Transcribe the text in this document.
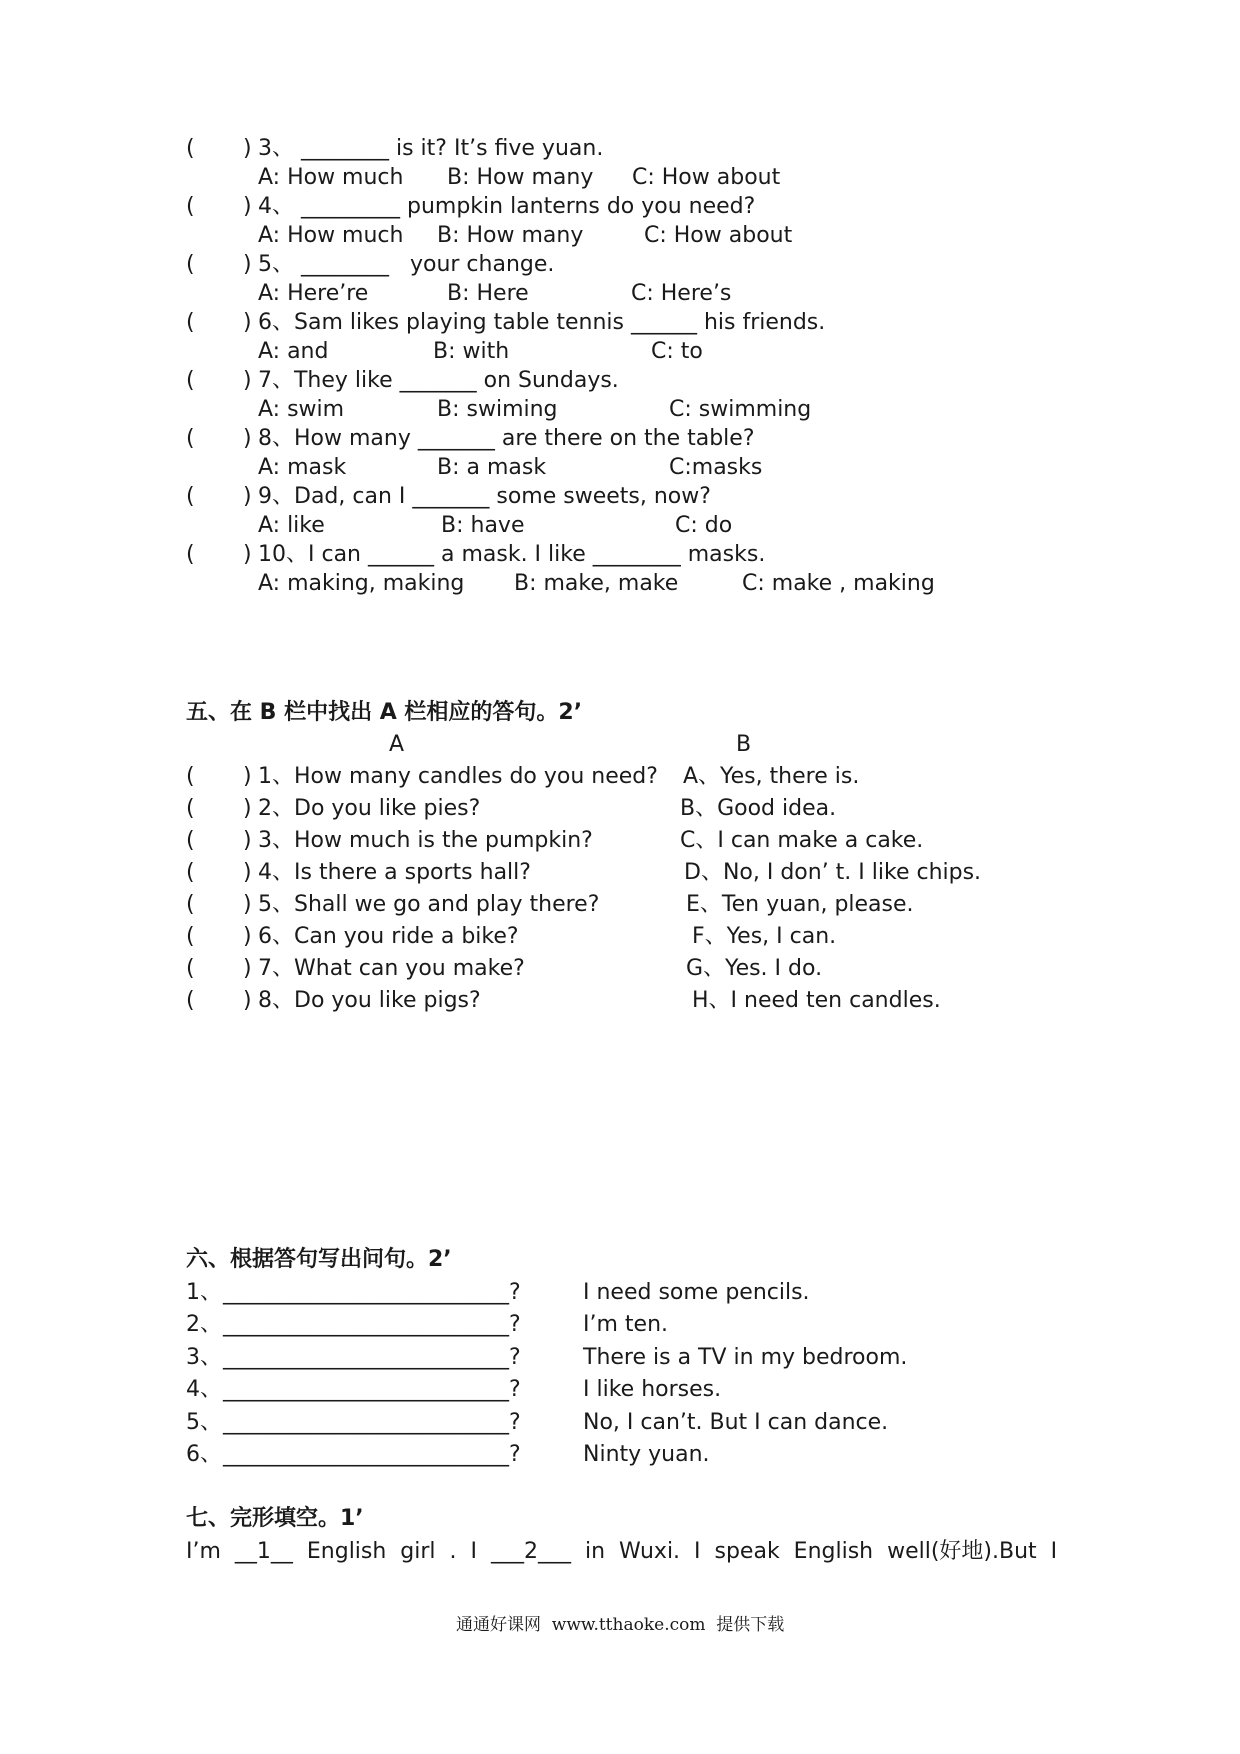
( ) 3、 ________ is it? It’s five yuan.
A: How much B: How many C: How about
( ) 4、 _________ pumpkin lanterns do you need?
A: How much B: How many	C: How about
( ) 5、 ________   your change.
A: Here’re	B: Here	C: Here’s
( ) 6、Sam likes playing table tennis ______ his friends.
A: and	B: with	C: to
( ) 7、They like _______ on Sundays.
A: swim	B: swiming	C: swimming
( ) 8、How many _______ are there on the table?
A: mask	B: a mask	C:masks
( ) 9、Dad, can I _______ some sweets, now?
A: like	B: have	C: do
( ) 10、I can ______ a mask. I like ________ masks.
A: making, making B: make, make	C: make , making
五、在 B 栏中找出 A 栏相应的答句。2’
A	B
( ) 1、How many candles do you need? A、Yes, there is.
( ) 2、Do you like pies?	B、Good idea.
( ) 3、How much is the pumpkin?	C、I can make a cake.
( ) 4、Is there a sports hall?	D、No, I don’ t. I like chips.
( ) 5、Shall we go and play there?	E、Ten yuan, please.
( ) 6、Can you ride a bike?	F、Yes, I can.
( ) 7、What can you make?	G、Yes. I do.
( ) 8、Do you like pigs?	H、I need ten candles.
六、根据答句写出问句。2’
1、 __________________________?	I need some pencils.
2、 __________________________?	I’m ten.
3、 __________________________?	There is a TV in my bedroom.
4、 __________________________?	I like horses.
5、 __________________________?	No, I can’t. But I can dance.
6、 __________________________?	Ninty yuan.
七、完形填空。1’
I’m  __1__  English  girl  .  I  ___2___  in  Wuxi.  I  speak  English  well(好地).But  I
通通好课网  www.tthaoke.com  提供下载
